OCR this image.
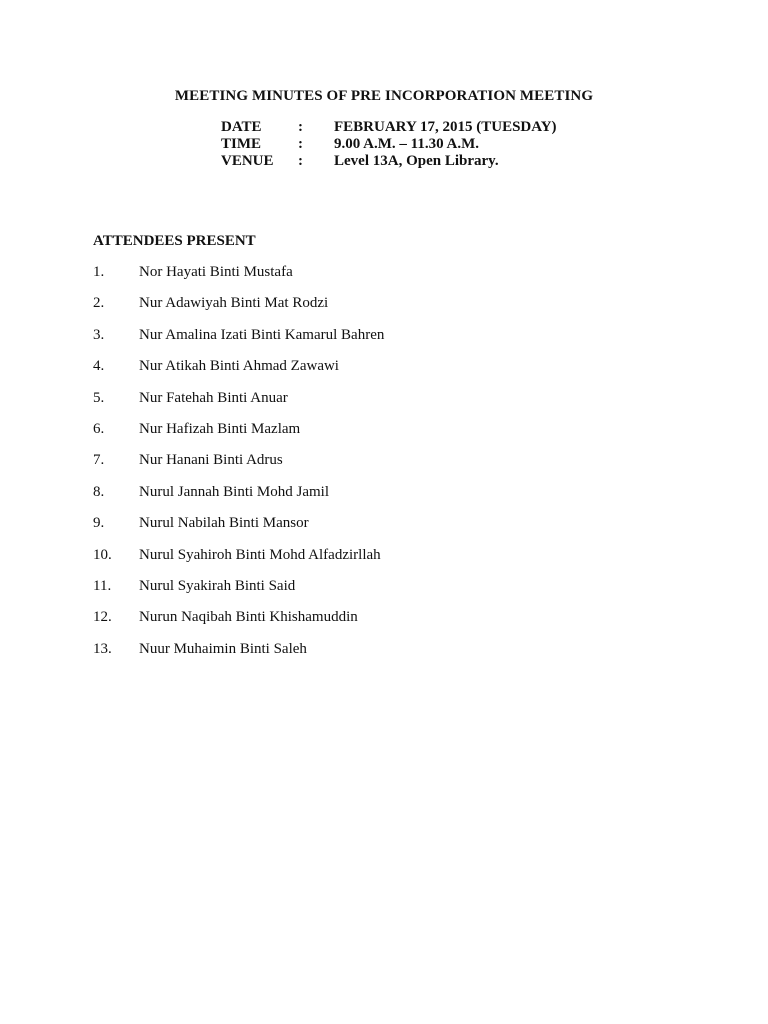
MEETING MINUTES OF PRE INCORPORATION MEETING
DATE : FEBRUARY 17, 2015 (TUESDAY)
TIME : 9.00 A.M. – 11.30 A.M.
VENUE : Level 13A, Open Library.
ATTENDEES PRESENT
1. Nor Hayati Binti Mustafa
2. Nur Adawiyah Binti Mat Rodzi
3. Nur Amalina Izati Binti Kamarul Bahren
4. Nur Atikah Binti Ahmad Zawawi
5. Nur Fatehah Binti Anuar
6. Nur Hafizah Binti Mazlam
7. Nur Hanani Binti Adrus
8. Nurul Jannah Binti Mohd Jamil
9. Nurul Nabilah Binti Mansor
10. Nurul Syahiroh Binti Mohd Alfadzirllah
11. Nurul Syakirah Binti Said
12. Nurun Naqibah Binti Khishamuddin
13. Nuur Muhaimin Binti Saleh
